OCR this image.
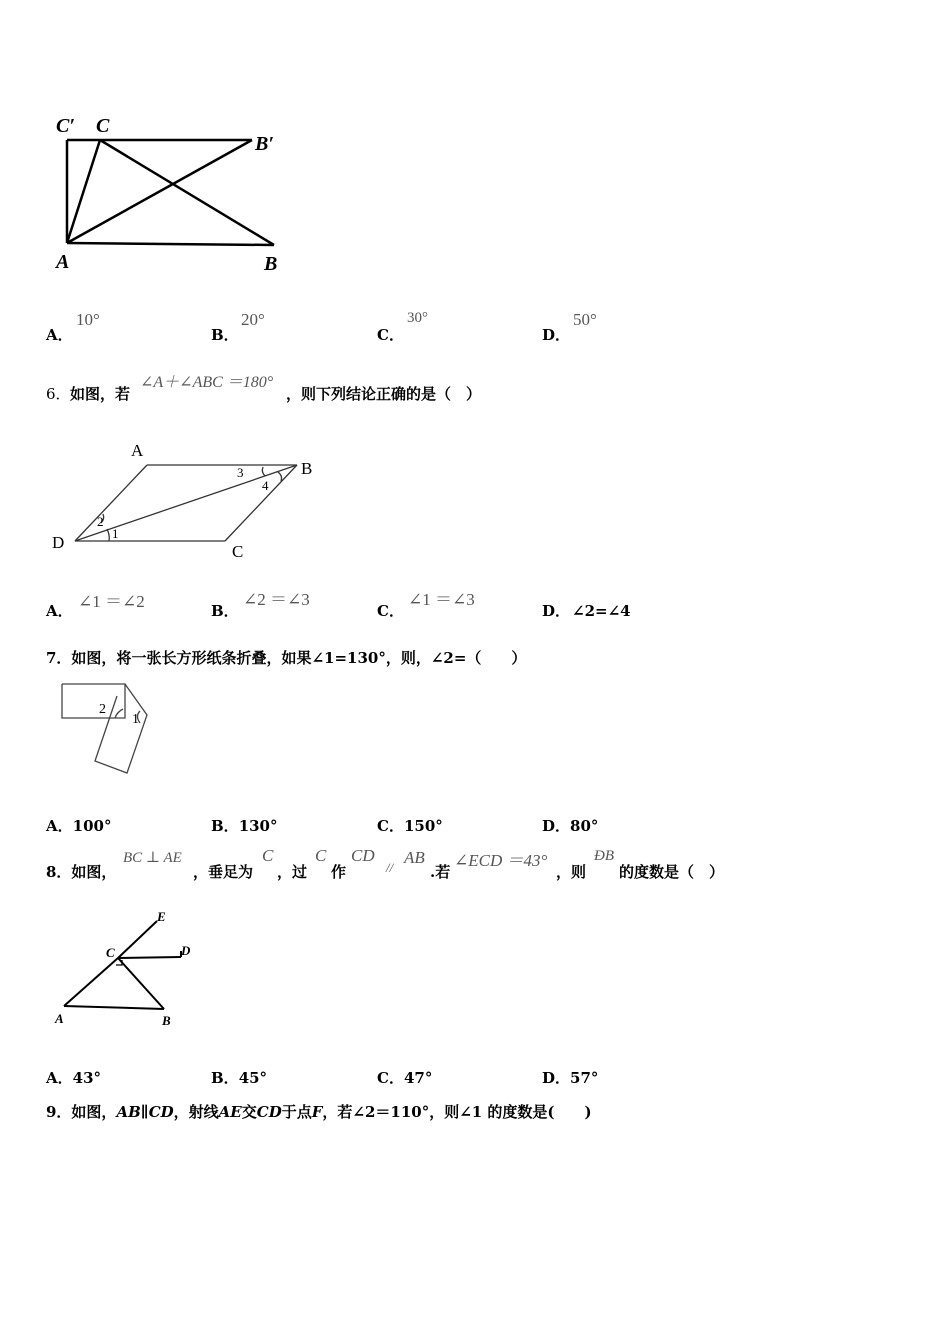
C′ C
B′
A	B
A．
10°
B．
20°
C．
30°
D．
50°
6． 如图，若
∠A＋∠ABC ＝180°
，则下列结论正确的是（　）
A
B
C
D	1
2
3
4
A． ∠1 ＝∠2	B．
∠2 ＝∠3
C．
∠1 ＝∠3
D． ∠2=∠4
7．如图，将一张长方形纸条折叠，如果∠1=130°，则，∠2=（　　）
2
1
A．100°	B．130°	C．150°	D．80°
8．如图，
BC ⊥ AE
，垂足为
C
，过
C
作
CD
//
AB
.若
∠ECD ＝43°
，则
ÐB
的度数是（　）
E
C	D
A	B
A．43°	B．45°	C．47°	D．57°
9．如图，AB∥CD，射线AE交CD于点F，若∠2＝110°，则∠1 的度数是(　　)
